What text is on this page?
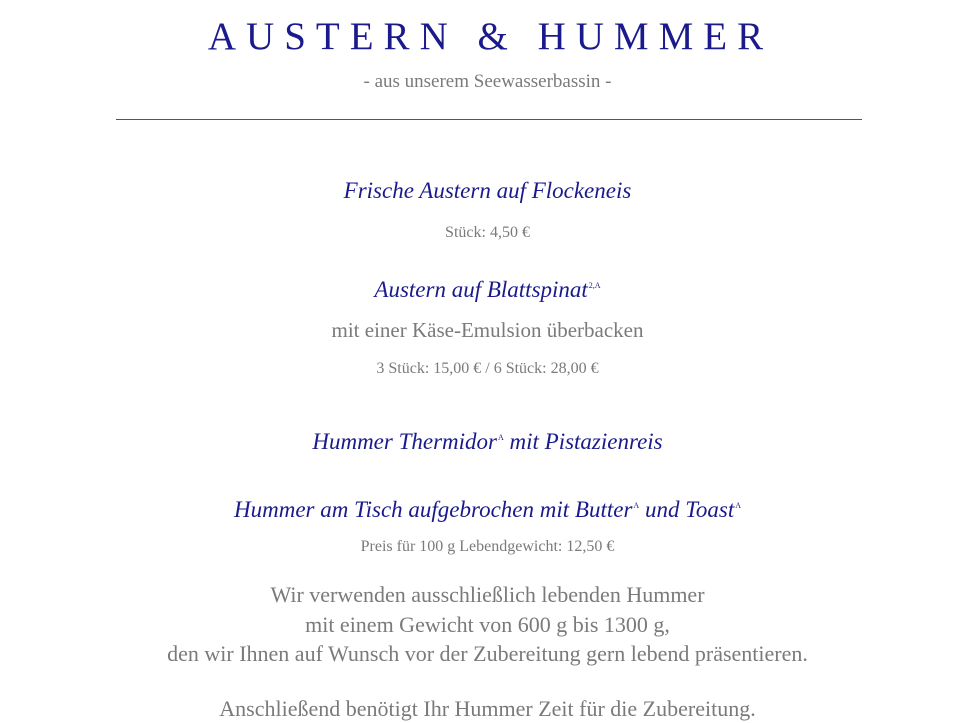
AUSTERN & HUMMER
- aus unserem Seewasserbassin -
Frische Austern auf Flockeneis
Stück: 4,50 €
Austern auf Blattspinat$^{2,A}$
mit einer Käse-Emulsion überbacken
3 Stück: 15,00 € / 6 Stück: 28,00 €
Hummer Thermidor$^A$ mit Pistazienreis
Hummer am Tisch aufgebrochen mit Butter$^A$ und Toast$^A$
Preis für 100 g Lebendgewicht: 12,50 €
Wir verwenden ausschließlich lebenden Hummer
mit einem Gewicht von 600 g bis 1300 g,
den wir Ihnen auf Wunsch vor der Zubereitung gern lebend präsentieren.
Anschließend benötigt Ihr Hummer Zeit für die Zubereitung.
